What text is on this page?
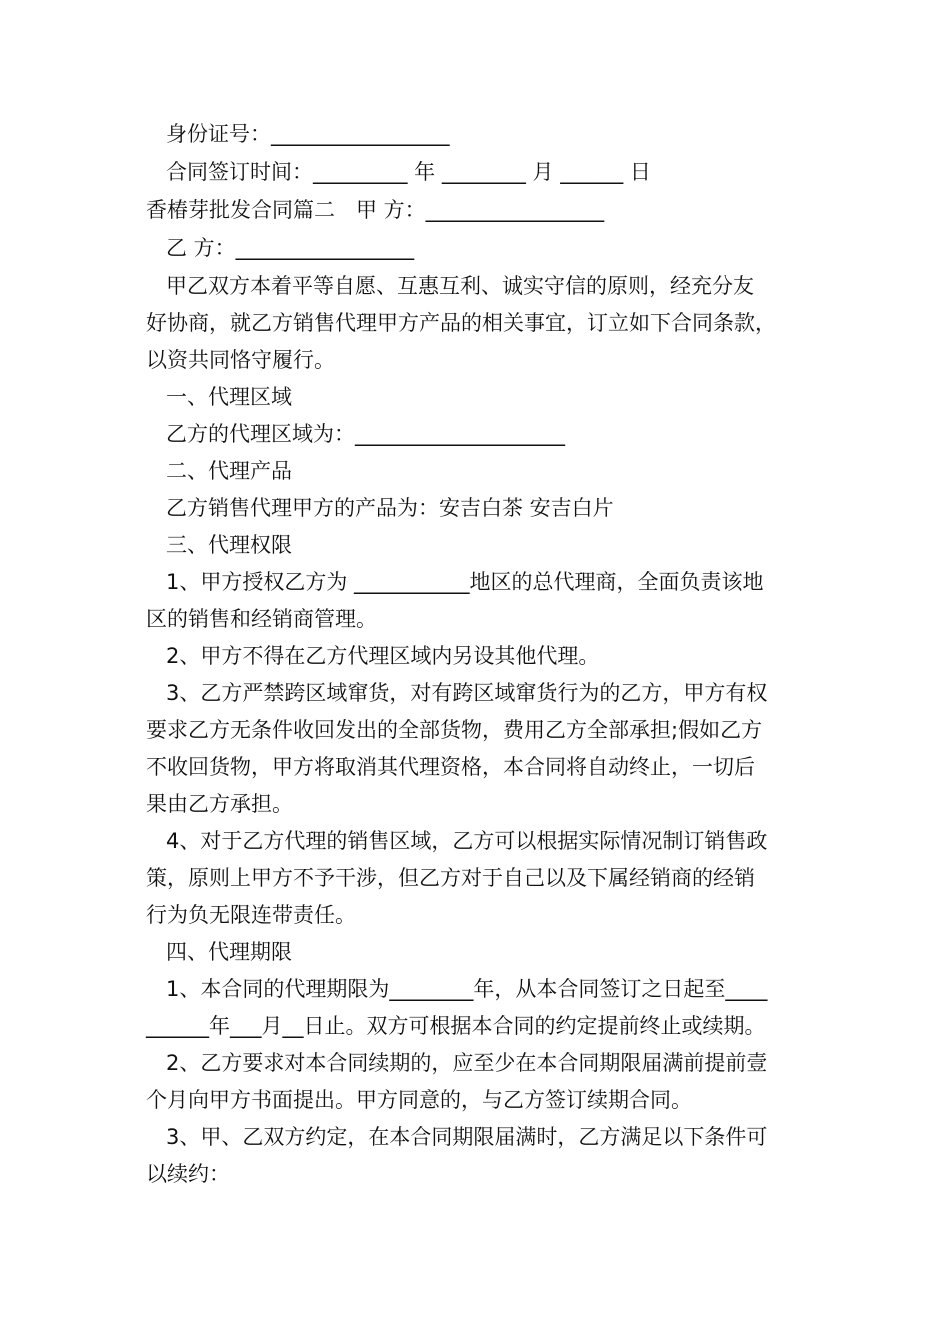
身份证号：_________________
合同签订时间：_________ 年 ________ 月 ______ 日
香椿芽批发合同篇二　甲 方：_________________
乙 方：_________________
甲乙双方本着平等自愿、互惠互利、诚实守信的原则，经充分友
好协商，就乙方销售代理甲方产品的相关事宜，订立如下合同条款，
以资共同恪守履行。
一、代理区域
乙方的代理区域为：____________________
二、代理产品
乙方销售代理甲方的产品为：安吉白茶 安吉白片
三、代理权限
1、甲方授权乙方为 ___________地区的总代理商，全面负责该地
区的销售和经销商管理。
2、甲方不得在乙方代理区域内另设其他代理。
3、乙方严禁跨区域窜货，对有跨区域窜货行为的乙方，甲方有权
要求乙方无条件收回发出的全部货物，费用乙方全部承担;假如乙方
不收回货物，甲方将取消其代理资格，本合同将自动终止，一切后
果由乙方承担。
4、对于乙方代理的销售区域，乙方可以根据实际情况制订销售政
策，原则上甲方不予干涉，但乙方对于自己以及下属经销商的经销
行为负无限连带责任。
四、代理期限
1、本合同的代理期限为________年，从本合同签订之日起至____
______年___月__日止。双方可根据本合同的约定提前终止或续期。
2、乙方要求对本合同续期的，应至少在本合同期限届满前提前壹
个月向甲方书面提出。甲方同意的，与乙方签订续期合同。
3、甲、乙双方约定，在本合同期限届满时，乙方满足以下条件可
以续约：
